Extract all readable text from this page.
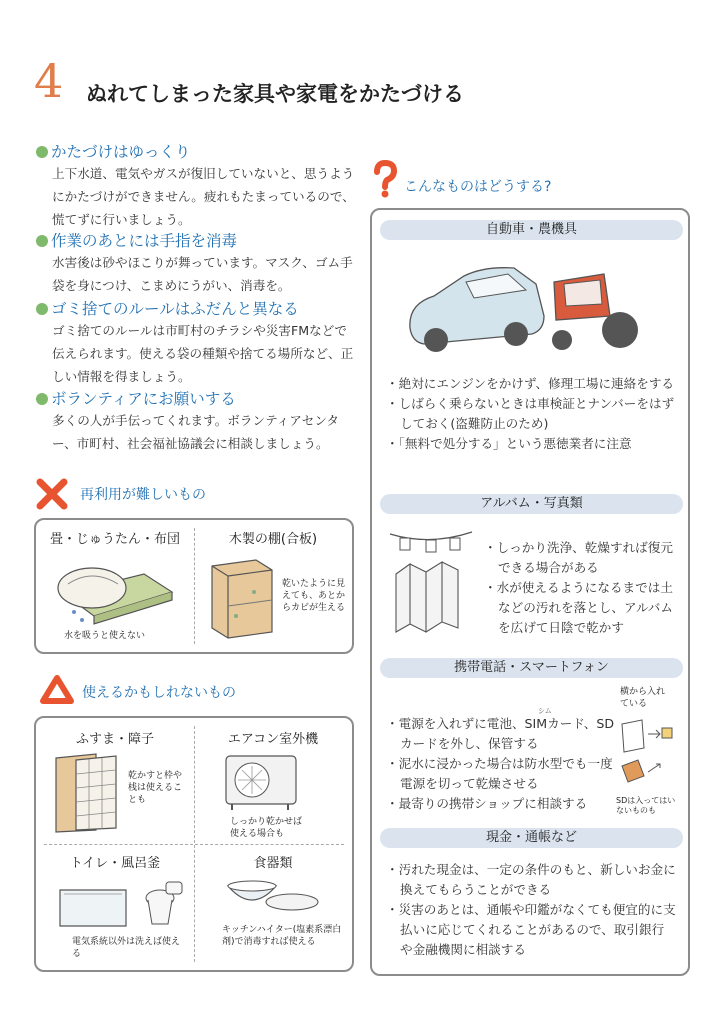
4 ぬれてしまった家具や家電をかたづける
かたづけはゆっくり
上下水道、電気やガスが復旧していないと、思うようにかたづけができません。疲れもたまっているので、慌てずに行いましょう。
作業のあとには手指を消毒
水害後は砂やほこりが舞っています。マスク、ゴム手袋を身につけ、こまめにうがい、消毒を。
ゴミ捨てのルールはふだんと異なる
ゴミ捨てのルールは市町村のチラシや災害FMなどで伝えられます。使える袋の種類や捨てる場所など、正しい情報を得ましょう。
ボランティアにお願いする
多くの人が手伝ってくれます。ボランティアセンター、市町村、社会福祉協議会に相談しましょう。
再利用が難しいもの
畳・じゅうたん・布団	木製の棚(合板)
水を吸うと使えない
乾いたように見えても、あとからカビが生える
使えるかもしれないもの
ふすま・障子	エアコン室外機
トイレ・風呂釜	食器類
乾かすと枠や桟は使えることも
しっかり乾かせば使える場合も
電気系統以外は洗えば使える
キッチンハイター(塩素系漂白剤)で消毒すれば使える
こんなものはどうする?
自動車・農機具
・絶対にエンジンをかけず、修理工場に連絡をする
・しばらく乗らないときは車検証とナンバーをはずしておく(盗難防止のため)
・「無料で処分する」という悪徳業者に注意
アルバム・写真類
・しっかり洗浄、乾燥すれば復元できる場合がある
・水が使えるようになるまでは土などの汚れを落とし、アルバムを広げて日陰で乾かす
携帯電話・スマートフォン
シム
・電源を入れずに電池、SIMカード、SDカードを外し、保管する
・泥水に浸かった場合は防水型でも一度電源を切って乾燥させる
・最寄りの携帯ショップに相談する
横から入れている
SDは入ってはいないものも
現金・通帳など
・汚れた現金は、一定の条件のもと、新しいお金に換えてもらうことができる
・災害のあとは、通帳や印鑑がなくても便宜的に支払いに応じてくれることがあるので、取引銀行や金融機関に相談する
